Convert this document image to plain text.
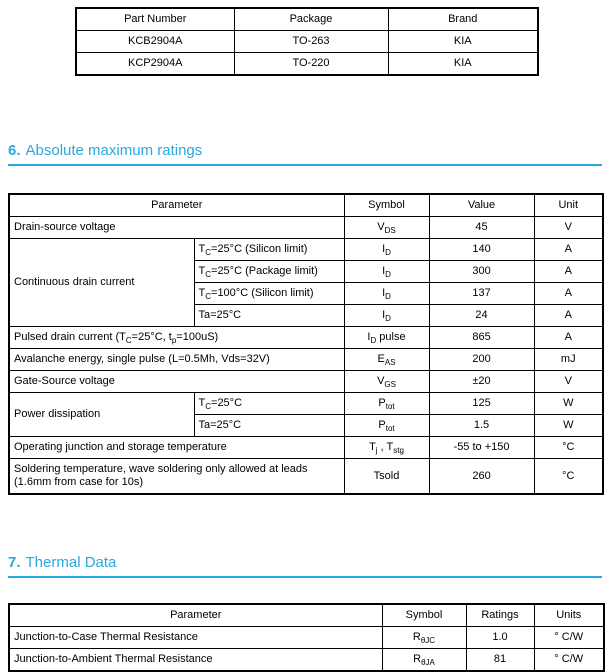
Part Number	Package	Brand
KCB2904A	TO-263	KIA
KCP2904A	TO-220	KIA
6. Absolute maximum ratings
Parameter		Symbol	Value	Unit
Drain-source voltage		$V_{DS}$	45	V
Continuous drain current	$T_C=25^\circ C$ (Silicon limit)	$I_D$	140	A
	$T_C=25^\circ C$ (Package limit)	$I_D$	300	A
	$T_C=100^\circ C$ (Silicon limit)	$I_D$	137	A
	Ta=25°C	$I_D$	24	A
Pulsed drain current ($T_C=25^\circ C$, $t_p=100uS$)		$I_D$ pulse	865	A
Avalanche energy, single pulse (L=0.5Mh, Vds=32V)		$E_{AS}$	200	mJ
Gate-Source voltage		$V_{GS}$	±20	V
Power dissipation	$T_C=25^\circ C$	$P_{tot}$	125	W
	Ta=25°C	$P_{tot}$	1.5	W
Operating junction and storage temperature		$T_j$ , $T_{stg}$	-55 to +150	°C
Soldering temperature, wave soldering only allowed at leads (1.6mm from case for 10s)		Tsold	260	°C
7. Thermal Data
Parameter	Symbol	Ratings	Units
Junction-to-Case Thermal Resistance	$R_{\theta JC}$	1.0	° C/W
Junction-to-Ambient Thermal Resistance	$R_{\theta JA}$	81	° C/W
